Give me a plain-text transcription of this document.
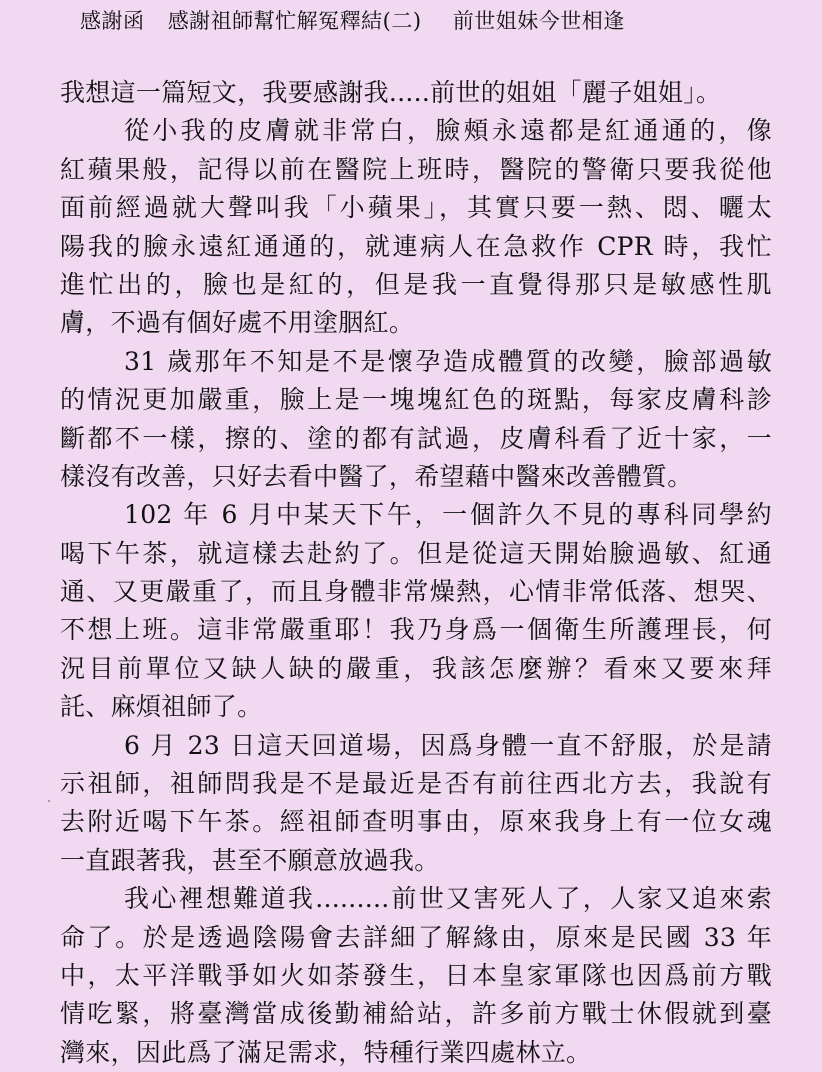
感謝函 感謝祖師幫忙解冤釋結(二) 前世姐妹今世相逢
我想這一篇短文，我要感謝我.....前世的姐姐「麗子姐姐」。
從小我的皮膚就非常白，臉頰永遠都是紅通通的，像
紅蘋果般，記得以前在醫院上班時，醫院的警衛只要我從他
面前經過就大聲叫我「小蘋果」，其實只要一熱、悶、曬太
陽我的臉永遠紅通通的，就連病人在急救作 CPR 時，我忙
進忙出的，臉也是紅的，但是我一直覺得那只是敏感性肌
膚，不過有個好處不用塗胭紅。
31 歲那年不知是不是懷孕造成體質的改變，臉部過敏
的情況更加嚴重，臉上是一塊塊紅色的斑點，每家皮膚科診
斷都不一樣，擦的、塗的都有試過，皮膚科看了近十家，一
樣沒有改善，只好去看中醫了，希望藉中醫來改善體質。
102 年 6 月中某天下午，一個許久不見的專科同學約
喝下午茶，就這樣去赴約了。但是從這天開始臉過敏、紅通
通、又更嚴重了，而且身體非常燥熱，心情非常低落、想哭、
不想上班。這非常嚴重耶！我乃身爲一個衛生所護理長，何
況目前單位又缺人缺的嚴重，我該怎麼辦？看來又要來拜
託、麻煩祖師了。
6 月 23 日這天回道場，因爲身體一直不舒服，於是請
示祖師，祖師問我是不是最近是否有前往西北方去，我說有
去附近喝下午茶。經祖師查明事由，原來我身上有一位女魂
一直跟著我，甚至不願意放過我。
我心裡想難道我.........前世又害死人了，人家又追來索
命了。於是透過陰陽會去詳細了解緣由，原來是民國 33 年
中，太平洋戰爭如火如荼發生，日本皇家軍隊也因爲前方戰
情吃緊，將臺灣當成後勤補給站，許多前方戰士休假就到臺
灣來，因此爲了滿足需求，特種行業四處林立。
